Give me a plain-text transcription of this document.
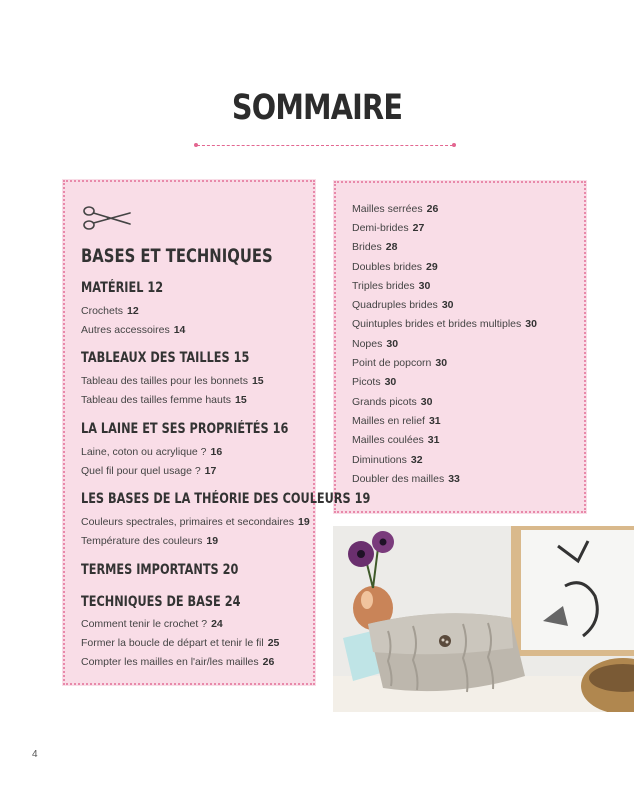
SOMMAIRE
BASES ET TECHNIQUES
MATÉRIEL 12
Crochets 12
Autres accessoires 14
TABLEAUX DES TAILLES 15
Tableau des tailles pour les bonnets 15
Tableau des tailles femme hauts 15
LA LAINE ET SES PROPRIÉTÉS 16
Laine, coton ou acrylique ? 16
Quel fil pour quel usage ? 17
LES BASES DE LA THÉORIE DES COULEURS 19
Couleurs spectrales, primaires et secondaires 19
Température des couleurs 19
TERMES IMPORTANTS 20
TECHNIQUES DE BASE 24
Comment tenir le crochet ? 24
Former la boucle de départ et tenir le fil 25
Compter les mailles en l'air/les mailles 26
Mailles serrées 26
Demi-brides 27
Brides 28
Doubles brides 29
Triples brides 30
Quadruples brides 30
Quintuples brides et brides multiples 30
Nopes 30
Point de popcorn 30
Picots 30
Grands picots 30
Mailles en relief 31
Mailles coulées 31
Diminutions 32
Doubler des mailles 33
4
